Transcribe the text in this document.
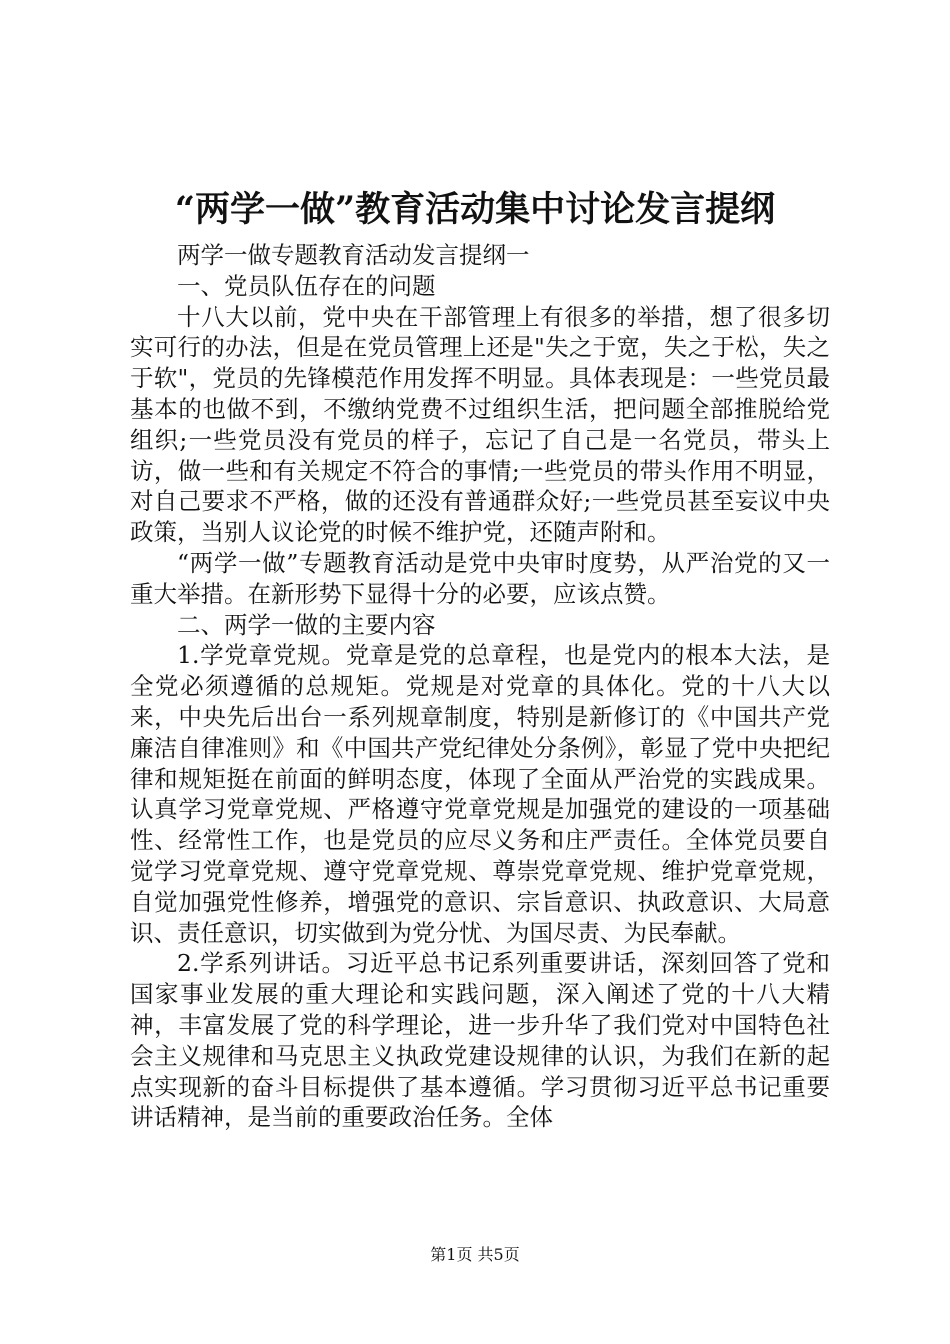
“两学一做”教育活动集中讨论发言提纲

两学一做专题教育活动发言提纲一

一、党员队伍存在的问题

十八大以前，党中央在干部管理上有很多的举措，想了很多切实可行的办法，但是在党员管理上还是"失之于宽，失之于松，失之于软"，党员的先锋模范作用发挥不明显。具体表现是：一些党员最基本的也做不到，不缴纳党费不过组织生活，把问题全部推脱给党组织;一些党员没有党员的样子，忘记了自己是一名党员，带头上访，做一些和有关规定不符合的事情;一些党员的带头作用不明显，对自己要求不严格，做的还没有普通群众好;一些党员甚至妄议中央政策，当别人议论党的时候不维护党，还随声附和。

“两学一做”专题教育活动是党中央审时度势，从严治党的又一重大举措。在新形势下显得十分的必要，应该点赞。

二、两学一做的主要内容

1.学党章党规。党章是党的总章程，也是党内的根本大法，是全党必须遵循的总规矩。党规是对党章的具体化。党的十八大以来，中央先后出台一系列规章制度，特别是新修订的《中国共产党廉洁自律准则》和《中国共产党纪律处分条例》，彰显了党中央把纪律和规矩挺在前面的鲜明态度，体现了全面从严治党的实践成果。认真学习党章党规、严格遵守党章党规是加强党的建设的一项基础性、经常性工作，也是党员的应尽义务和庄严责任。全体党员要自觉学习党章党规、遵守党章党规、尊崇党章党规、维护党章党规，自觉加强党性修养，增强党的意识、宗旨意识、执政意识、大局意识、责任意识，切实做到为党分忧、为国尽责、为民奉献。

2.学系列讲话。习近平总书记系列重要讲话，深刻回答了党和国家事业发展的重大理论和实践问题，深入阐述了党的十八大精神，丰富发展了党的科学理论，进一步升华了我们党对中国特色社会主义规律和马克思主义执政党建设规律的认识，为我们在新的起点实现新的奋斗目标提供了基本遵循。学习贯彻习近平总书记重要讲话精神，是当前的重要政治任务。全体

第1页 共5页
